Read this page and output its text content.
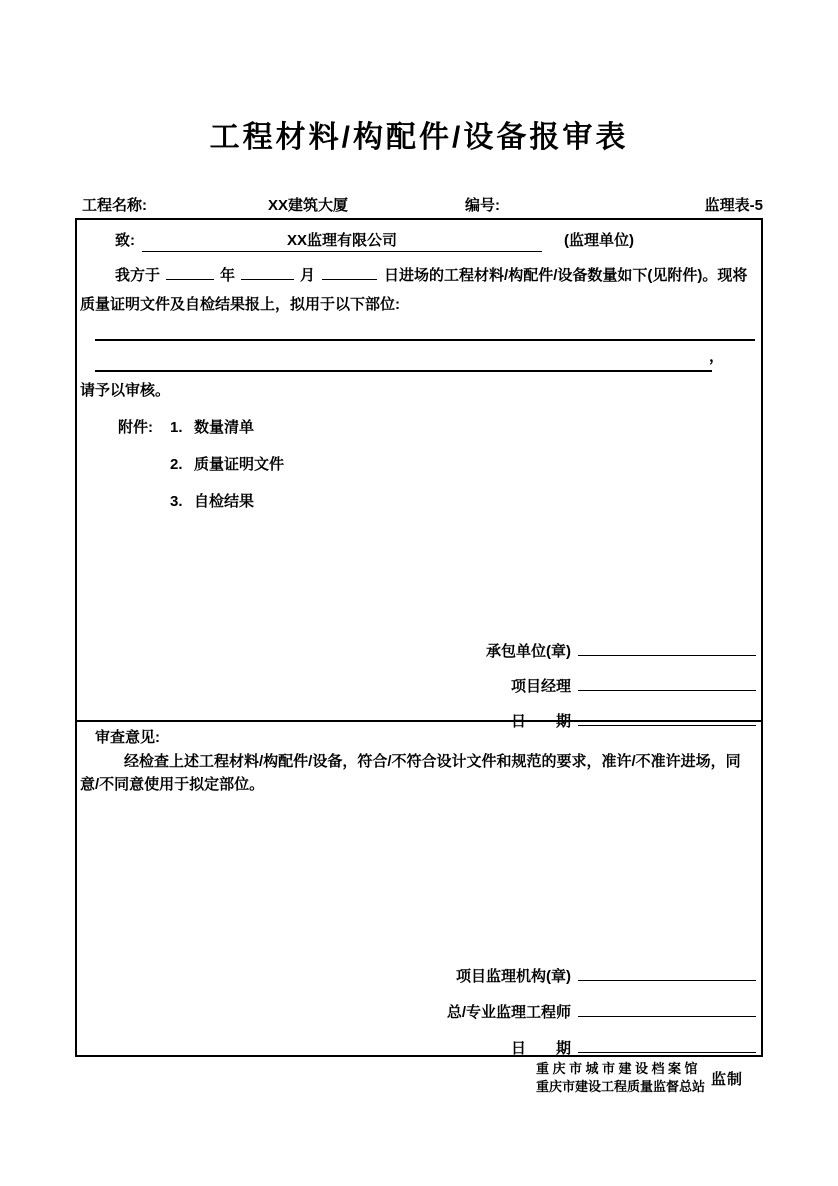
工程材料/构配件/设备报审表
工程名称:	XX建筑大厦	编号:	监理表-5
致:	XX监理有限公司	(监理单位)
我方于	年	月	日进场的工程材料/构配件/设备数量如下(见附件)。现将
质量证明文件及自检结果报上，拟用于以下部位:
，
请予以审核。
附件:	1. 数量清单
2. 质量证明文件
3. 自检结果
承包单位(章)
项目经理
日　　期
审查意见:
经检查上述工程材料/构配件/设备，符合/不符合设计文件和规范的要求，准许/不准许进场，同意/不同意使用于拟定部位。
项目监理机构(章)
总/专业监理工程师
日　　期
重庆市城市建设档案馆
重庆市建设工程质量监督总站 监制
